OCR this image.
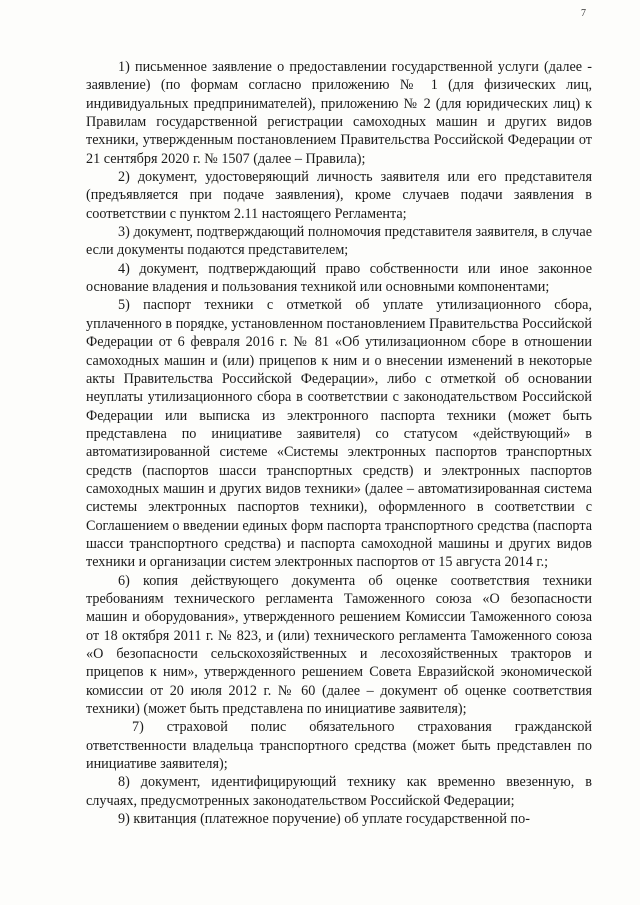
7

1) письменное заявление о предоставлении государственной услуги (далее - заявление) (по формам согласно приложению № 1 (для физических лиц, индивидуальных предпринимателей), приложению № 2 (для юридических лиц) к Правилам государственной регистрации самоходных машин и других видов техники, утвержденным постановлением Правительства Российской Федерации от 21 сентября 2020 г. № 1507 (далее – Правила);

2) документ, удостоверяющий личность заявителя или его представителя (предъявляется при подаче заявления), кроме случаев подачи заявления в соответствии с пунктом 2.11 настоящего Регламента;

3) документ, подтверждающий полномочия представителя заявителя, в случае если документы подаются представителем;

4) документ, подтверждающий право собственности или иное законное основание владения и пользования техникой или основными компонентами;

5) паспорт техники с отметкой об уплате утилизационного сбора, уплаченного в порядке, установленном постановлением Правительства Российской Федерации от 6 февраля 2016 г. № 81 «Об утилизационном сборе в отношении самоходных машин и (или) прицепов к ним и о внесении изменений в некоторые акты Правительства Российской Федерации», либо с отметкой об основании неуплаты утилизационного сбора в соответствии с законодательством Российской Федерации или выписка из электронного паспорта техники (может быть представлена по инициативе заявителя) со статусом «действующий» в автоматизированной системе «Системы электронных паспортов транспортных средств (паспортов шасси транспортных средств) и электронных паспортов самоходных машин и других видов техники» (далее – автоматизированная система системы электронных паспортов техники), оформленного в соответствии с Соглашением о введении единых форм паспорта транспортного средства (паспорта шасси транспортного средства) и паспорта самоходной машины и других видов техники и организации систем электронных паспортов от 15 августа 2014 г.;

6) копия действующего документа об оценке соответствия техники требованиям технического регламента Таможенного союза «О безопасности машин и оборудования», утвержденного решением Комиссии Таможенного союза от 18 октября 2011 г. № 823, и (или) технического регламента Таможенного союза «О безопасности сельскохозяйственных и лесохозяйственных тракторов и прицепов к ним», утвержденного решением Совета Евразийской экономической комиссии от 20 июля 2012 г. № 60 (далее – документ об оценке соответствия техники) (может быть представлена по инициативе заявителя);

7) страховой полис обязательного страхования гражданской ответственности владельца транспортного средства (может быть представлен по инициативе заявителя);

8) документ, идентифицирующий технику как временно ввезенную, в случаях, предусмотренных законодательством Российской Федерации;

9) квитанция (платежное поручение) об уплате государственной по-
